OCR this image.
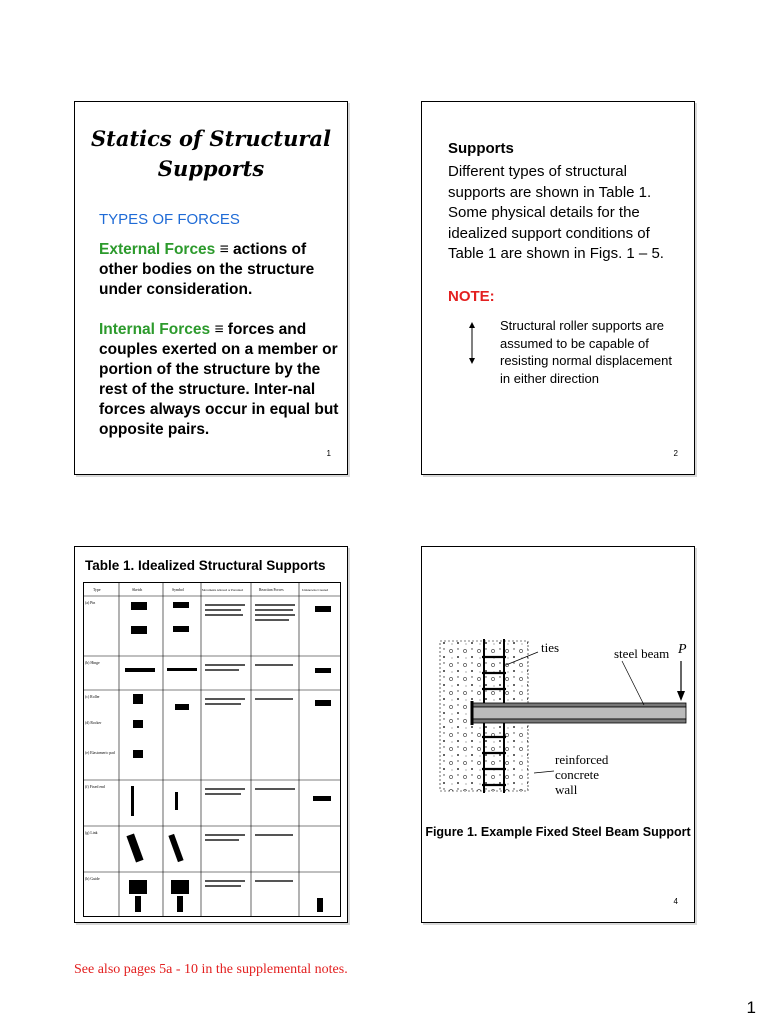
Statics of Structural Supports
TYPES OF FORCES
External Forces ≡ actions of other bodies on the structure under consideration.
Internal Forces ≡ forces and couples exerted on a member or portion of the structure by the rest of the structure. Inter-nal forces always occur in equal but opposite pairs.
1
Supports
Different types of structural supports are shown in Table 1. Some physical details for the idealized support conditions of Table 1 are shown in Figs. 1 – 5.
NOTE:
Structural roller supports are assumed to be capable of resisting normal displacement in either direction
2
Table 1. Idealized Structural Supports
Type	Sketch	Symbol	Movements Allowed or Prevented	Reaction Forces	Unknowns Created
(a) Pin
(b) Hinge
(c) Roller
(d) Rocker
(e) Elastomeric pad
(f) Fixed end
(g) Link
(h) Guide
P
ties	steel beam
reinforced
concrete
wall
Figure 1. Example Fixed Steel Beam Support
4
See also pages 5a - 10 in the supplemental notes.
1
